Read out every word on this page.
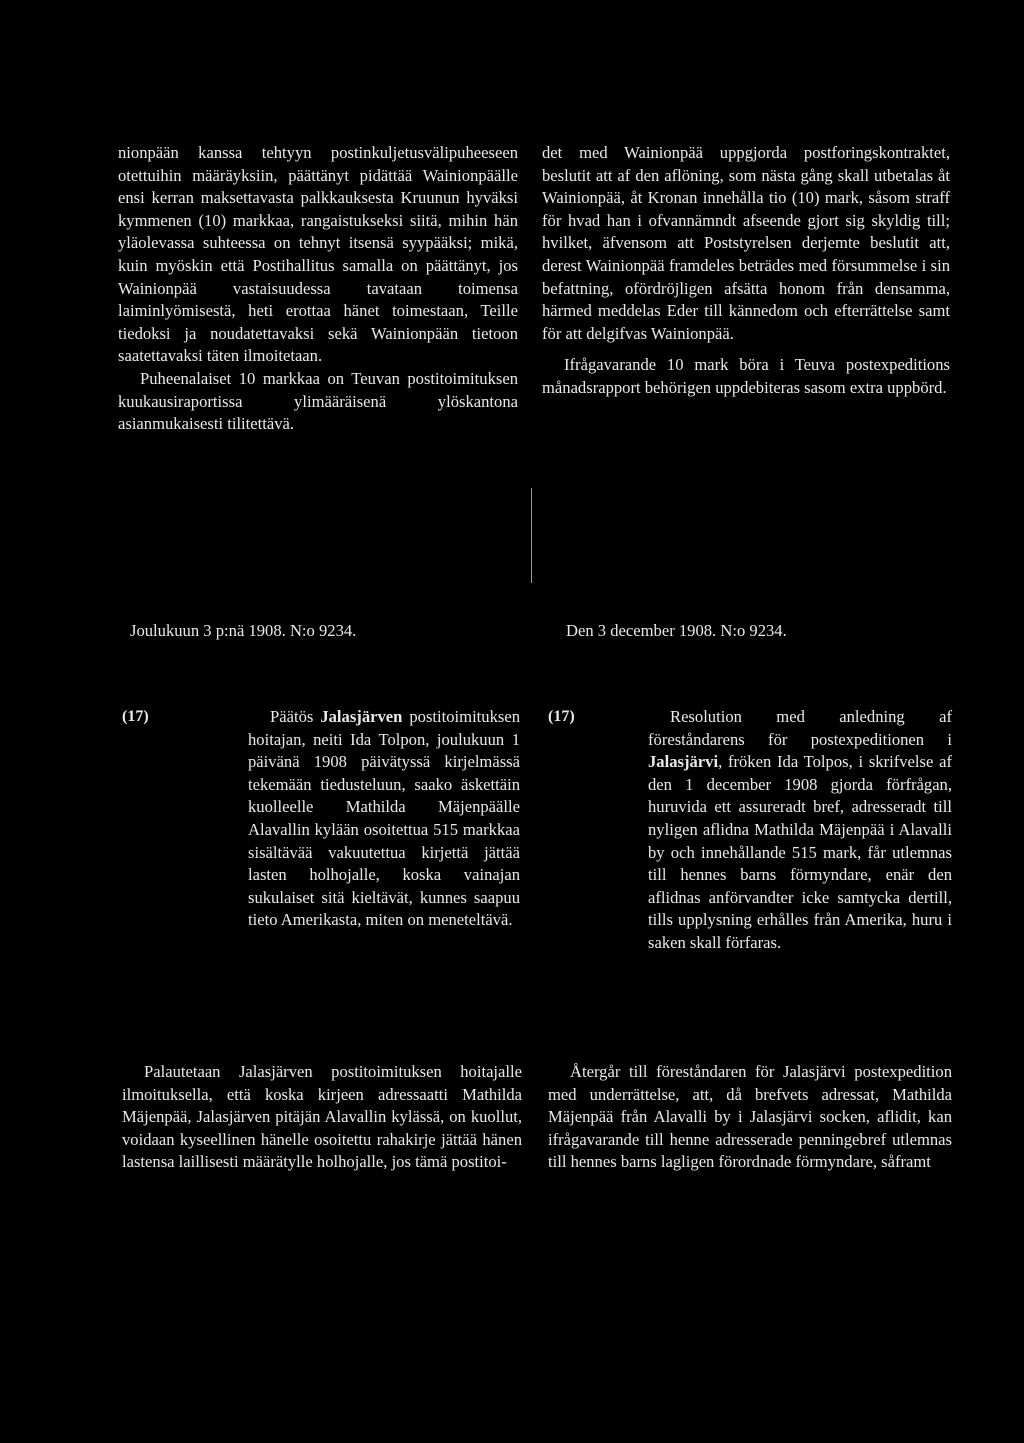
nionpään kanssa tehtyyn postinkuljetusvälipuheeseen otettuihin määräyksiin, päättänyt pidättää Wainionpäälle ensi kerran maksettavasta palkkauksesta Kruunun hyväksi kymmenen (10) markkaa, rangaistukseksi siitä, mihin hän yläolevassa suhteessa on tehnyt itsensä syypääksi; mikä, kuin myöskin että Postihallitus samalla on päättänyt, jos Wainionpää vastaisuudessa tavataan toimensa laiminlyömisestä, heti erottaa hänet toimestaan, Teille tiedoksi ja noudatettavaksi sekä Wainionpään tietoon saatettavaksi täten ilmoitetaan.

Puheenalaiset 10 markkaa on Teuvan postitoimituksen kuukausiraportissa ylimääräisenä ylöskantona asianmukaisesti tilitettävä.

det med Wainionpää uppgjorda postforingskontraktet, beslutit att af den aflöning, som nästa gång skall utbetalas åt Wainionpää, åt Kronan innehålla tio (10) mark, såsom straff för hvad han i ofvannämndt afseende gjort sig skyldig till; hvilket, äfvensom att Poststyrelsen derjemte beslutit att, derest Wainionpää framdeles beträdes med försummelse i sin befattning, ofördröjligen afsätta honom från densamma, härmed meddelas Eder till kännedom och efterrättelse samt för att delgifvas Wainionpää.

Ifrågavarande 10 mark böra i Teuva postexpeditions månadsrapport behörigen uppdebiteras sasom extra uppbörd.

Joulukuun 3 p:nä 1908. N:o 9234.	Den 3 december 1908. N:o 9234.
(17)	(17)

Päätös Jalasjärven postitoimituksen hoitajan, neiti Ida Tolpon, joulukuun 1 päivänä 1908 päivätyssä kirjelmässä tekemään tiedusteluun, saako äskettäin kuolleelle Mathilda Mäjenpäälle Alavallin kylään osoitettua 515 markkaa sisältävää vakuutettua kirjettä jättää lasten holhojalle, koska vainajan sukulaiset sitä kieltävät, kunnes saapuu tieto Amerikasta, miten on meneteltävä.

Resolution med anledning af föreståndarens för postexpeditionen i Jalasjärvi, fröken Ida Tolpos, i skrifvelse af den 1 december 1908 gjorda förfrågan, huruvida ett assureradt bref, adresseradt till nyligen aflidna Mathilda Mäjenpää i Alavalli by och innehållande 515 mark, får utlemnas till hennes barns förmyndare, enär den aflidnas anförvandter icke samtycka dertill, tills upplysning erhålles från Amerika, huru i saken skall förfaras.

Palautetaan Jalasjärven postitoimituksen hoitajalle ilmoituksella, että koska kirjeen adressaatti Mathilda Mäjenpää, Jalasjärven pitäjän Alavallin kylässä, on kuollut, voidaan kyseellinen hänelle osoitettu rahakirje jättää hänen lastensa laillisesti määrätylle holhojalle, jos tämä postitoi-

Återgår till föreståndaren för Jalasjärvi postexpedition med underrättelse, att, då brefvets adressat, Mathilda Mäjenpää från Alavalli by i Jalasjärvi socken, aflidit, kan ifrågavarande till henne adresserade penningebref utlemnas till hennes barns lagligen förordnade förmyndare, såframt
